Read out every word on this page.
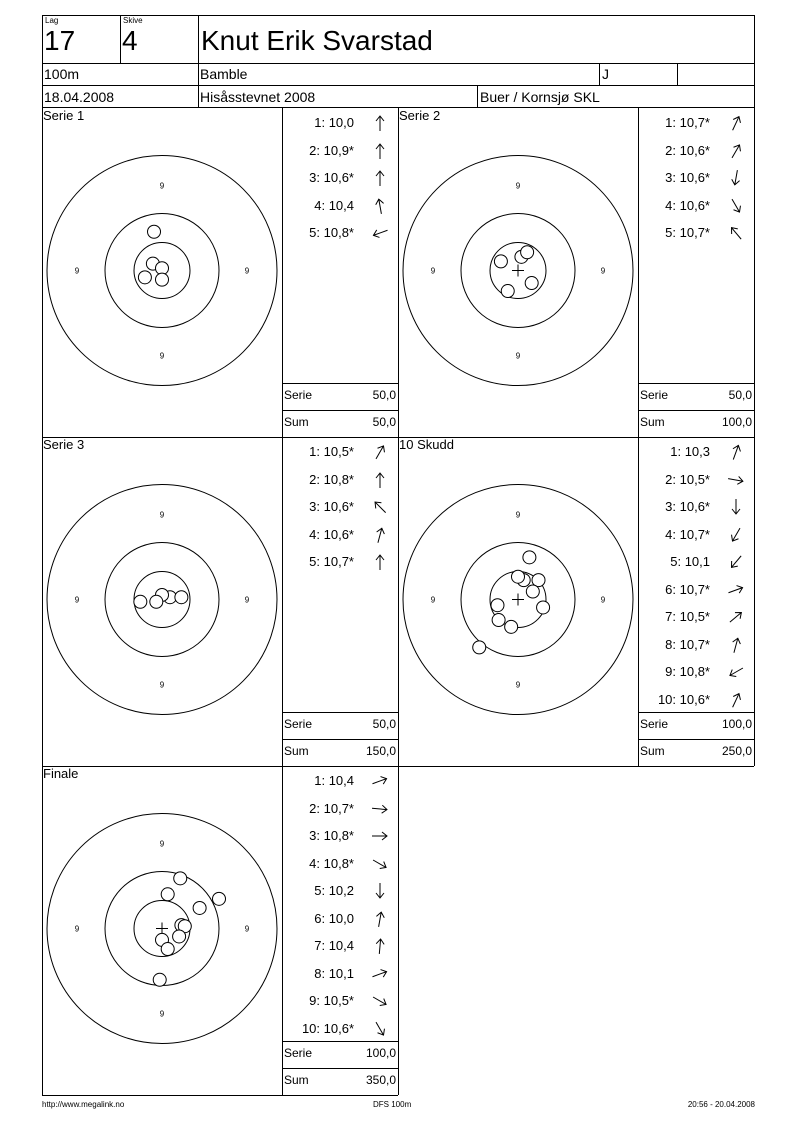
Lag
17
Skive
4 Knut Erik Svarstad
100m	Bamble	J
18.04.2008	Hisåsstevnet 2008	Buer / Kornsjø SKL
Serie 1
9
9
9	9
1: 10,0
2: 10,9*
3: 10,6*
4: 10,4
5: 10,8*
Serie	50,0
Sum	50,0
Serie 2
9
9
9	9
1: 10,7*
2: 10,6*
3: 10,6*
4: 10,6*
5: 10,7*
Serie	50,0
Sum	100,0
Serie 3
9
9
9	9
1: 10,5*
2: 10,8*
3: 10,6*
4: 10,6*
5: 10,7*
Serie	50,0
Sum	150,0
10 Skudd
9
9
9	9
1: 10,3
2: 10,5*
3: 10,6*
4: 10,7*
5: 10,1
6: 10,7*
7: 10,5*
8: 10,7*
9: 10,8*
10: 10,6*
Serie	100,0
Sum	250,0
Finale
9
9
9	9
1: 10,4
2: 10,7*
3: 10,8*
4: 10,8*
5: 10,2
6: 10,0
7: 10,4
8: 10,1
9: 10,5*
10: 10,6*
Serie	100,0
Sum	350,0
http://www.megalink.no	DFS 100m	20:56 - 20.04.2008
